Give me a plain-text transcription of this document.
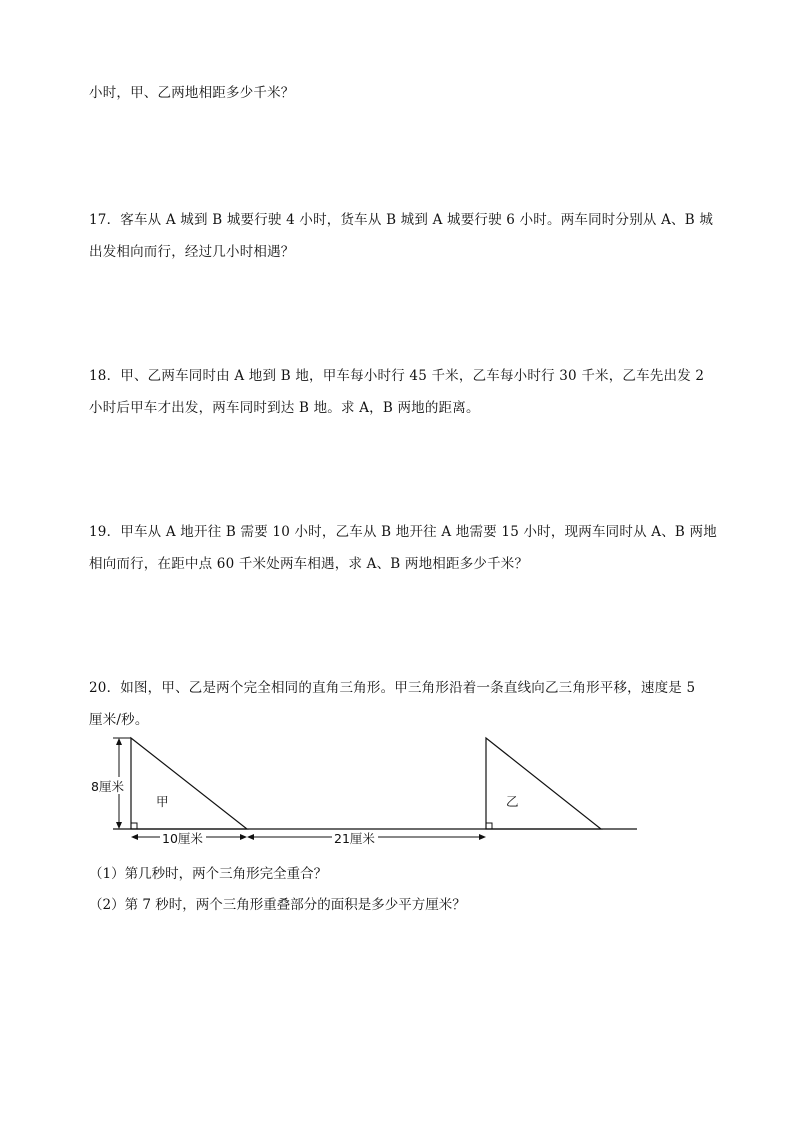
小时，甲、乙两地相距多少千米？
17．客车从 A 城到 B 城要行驶 4 小时，货车从 B 城到 A 城要行驶 6 小时。两车同时分别从 A、B 城
出发相向而行，经过几小时相遇？
18．甲、乙两车同时由 A 地到 B 地，甲车每小时行 45 千米，乙车每小时行 30 千米，乙车先出发 2
小时后甲车才出发，两车同时到达 B 地。求 A，B 两地的距离。
19．甲车从 A 地开往 B 需要 10 小时，乙车从 B 地开往 A 地需要 15 小时，现两车同时从 A、B 两地
相向而行，在距中点 60 千米处两车相遇，求 A、B 两地相距多少千米？
20．如图，甲、乙是两个完全相同的直角三角形。甲三角形沿着一条直线向乙三角形平移，速度是 5
厘米/秒。
8厘米
10厘米	21厘米
甲	乙
（1）第几秒时，两个三角形完全重合？
（2）第 7 秒时，两个三角形重叠部分的面积是多少平方厘米？
